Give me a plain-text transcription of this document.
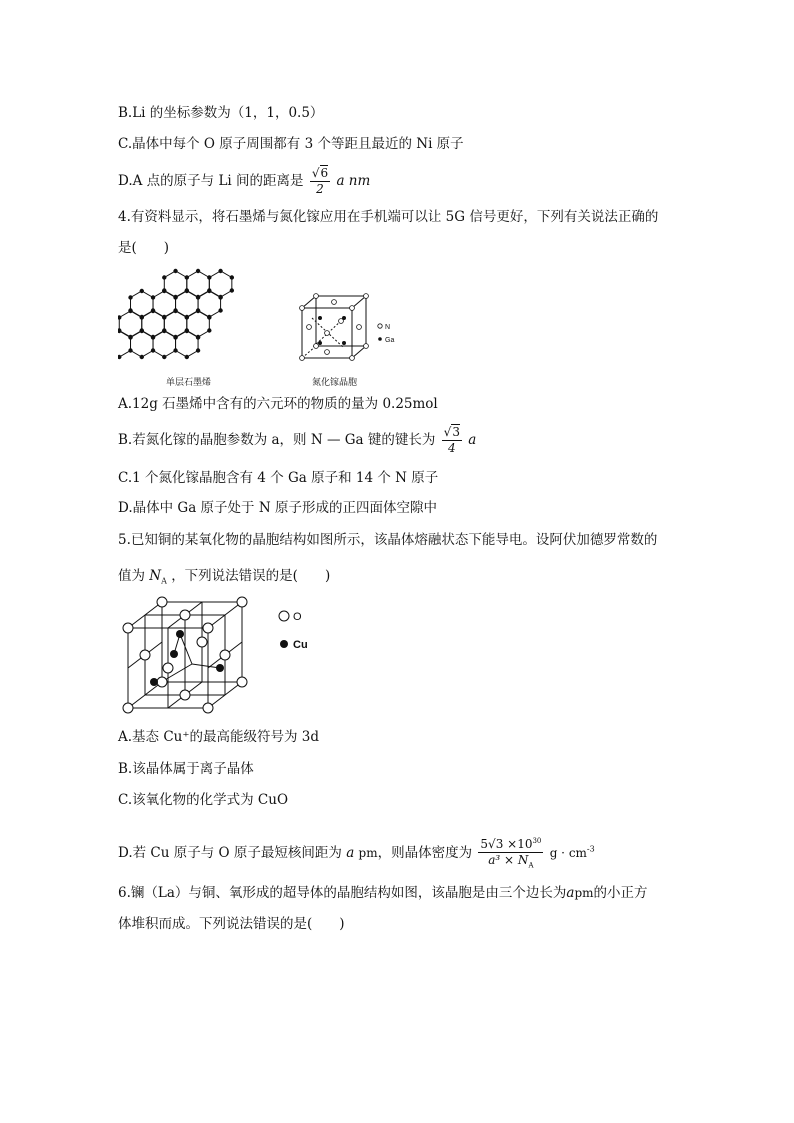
B.Li 的坐标参数为（1，1，0.5）
C.晶体中每个 O 原子周围都有 3 个等距且最近的 Ni 原子
D.A 点的原子与 Li 间的距离是 $\frac{√6}{2}$ a nm
4.有资料显示，将石墨烯与氮化镓应用在手机端可以让 5G 信号更好，下列有关说法正确的
是(　　)
单层石墨烯
N
Ga
氮化镓晶胞
A.12g 石墨烯中含有的六元环的物质的量为 0.25mol
B.若氮化镓的晶胞参数为 a，则 N — Ga 键的键长为 $\frac{√3}{4}$ a
C.1 个氮化镓晶胞含有 4 个 Ga 原子和 14 个 N 原子
D.晶体中 Ga 原子处于 N 原子形成的正四面体空隙中
5.已知铜的某氧化物的晶胞结构如图所示，该晶体熔融状态下能导电。设阿伏加德罗常数的
值为 $N_A$ ，下列说法错误的是(　　)
O
Cu
A.基态 Cu⁺的最高能级符号为 3d
B.该晶体属于离子晶体
C.该氧化物的化学式为 CuO
D.若 Cu 原子与 O 原子最短核间距为 a pm，则晶体密度为 $\frac{5√3 \times 10^{30}}{a^3 \times N_A}$ $g \cdot cm^{-3}$
6.镧（La）与铜、氧形成的超导体的晶胞结构如图，该晶胞是由三个边长为apm的小正方
体堆积而成。下列说法错误的是(　　)
